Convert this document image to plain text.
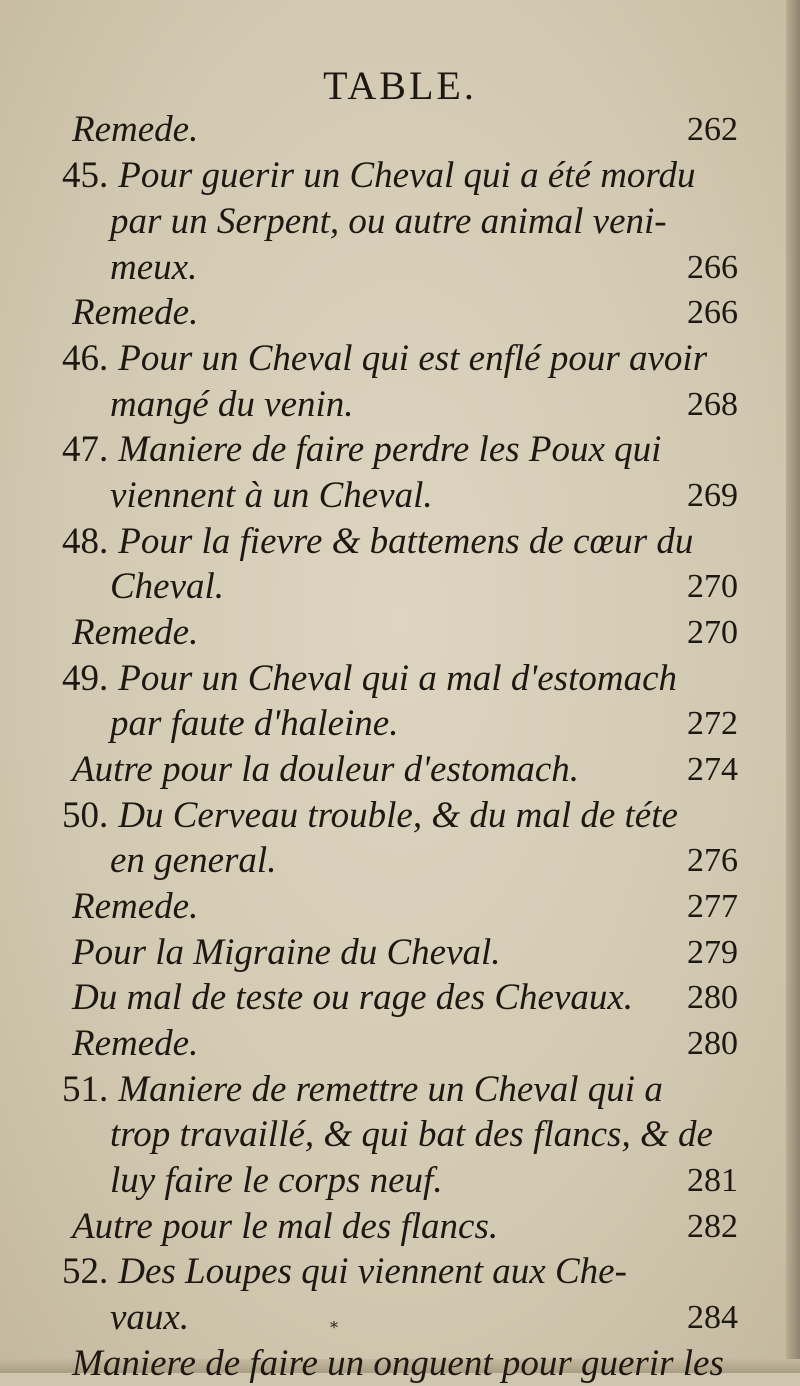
TABLE.
Remede.	262
45. Pour guerir un Cheval qui a été mordu
par un Serpent, ou autre animal veni-
meux.	266
Remede.	266
46. Pour un Cheval qui est enflé pour avoir
mangé du venin.	268
47. Maniere de faire perdre les Poux qui
viennent à un Cheval.	269
48. Pour la fievre & battemens de cœur du
Cheval.	270
Remede.	270
49. Pour un Cheval qui a mal d'estomach
par faute d'haleine.	272
Autre pour la douleur d'estomach.	274
50. Du Cerveau trouble, & du mal de téte
en general.	276
Remede.	277
Pour la Migraine du Cheval.	279
Du mal de teste ou rage des Chevaux. 280
Remede.	280
51. Maniere de remettre un Cheval qui a
trop travaillé, & qui bat des flancs, & de
luy faire le corps neuf.	281
Autre pour le mal des flancs.	282
52. Des Loupes qui viennent aux Che-
vaux.	284
Maniere de faire un onguent pour guerir les
*
